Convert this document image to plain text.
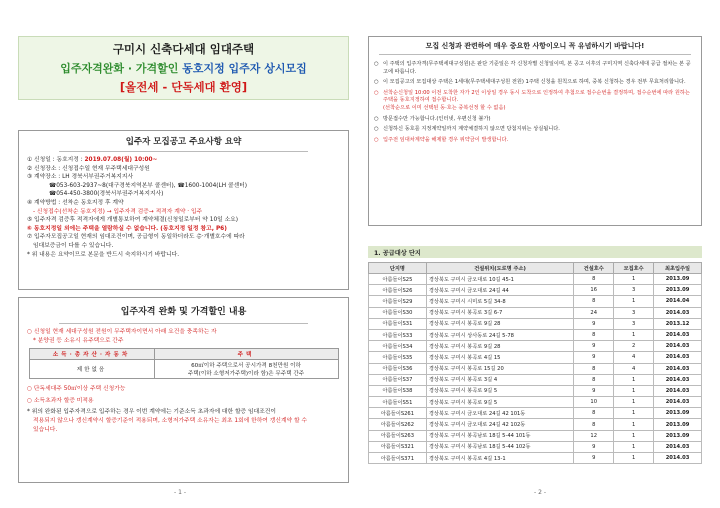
구미시 신축다세대 임대주택
입주자격완화 · 가격할인 동호지정 입주자 상시모집
[올전세 - 단독세대 환영]
입주자 모집공고 주요사항 요약
① 신청일 : 동호지정 : 2019.07.08(월) 10:00~
② 신청장소 : 신청접수일 현재 무주택세대구성원
③ 계약장소 : LH 경북서부권주거복지지사
☎053-603-2937~8(대구경북지역본부 콜센터), ☎1600-1004(LH 콜센터)
☎054-450-3800(경북서부권주거복지지사)
④ 계약방법 : 선착순 동호지정 후 계약
- 신청접수(선착순 동호지정) → 입주자격 검증→ 적격자 계약 · 입주
⑤ 입주자격 검증후 적격자에게 개별통보하여 계약체결(신청일로부터 약 10일 소요)
⑥ 동호지정일 외에는 주택을 열람하실 수 없습니다. (동호지정 일정 참고, P6)
⑦ 입주자모집공고일 현재의 임대조건이며, 공급형이 동일하더라도 층·개별호수에 따라
임대보증금이 다를 수 있습니다.
* 위 내용은 요약이므로 본문을 반드시 숙지하시기 바랍니다.
입주자격 완화 및 가격할인 내용
○ 신청일 현재 세대구성원 전원이 무주택자이면서 아래 요건을 충족하는 자
* 분양권 등 소유시 유주택으로 간주
소득·총자산·자동차	주택
제한없음	60㎡이하 주택으로서 공시가격 8천만원 이하
주택(이하 소형저가주택)이라 함)은 무주택 간주
○ 단독세대주 50㎡이상 주택 신청가능
○ 소득초과자 할증 미적용
* 위의 완화된 입주자격으로 입주하는 경우 이번 계약에는 기준소득 초과자에 대한 할증 임대조건이
적용되지 않으나 갱신계약시 할증기준이 적용되며, 소형저가주택 소유자는 최초 1회에 한하여 갱신계약 할 수
있습니다.
- 1 -
모집 신청과 관련하여 매우 중요한 사항이오니 꼭 유념하시기 바랍니다!
○ 이 주택의 입주자격(무주택세대구성원)은 판단 기준일은 각 신청자별 신청일이며, 본 공고 이후의 구미지역 신축다세대 공급 절차는 본 공고에 따릅니다.
○ 이 모집공고의 모집대상 주택은 1세대(무주택세대구성원 전원) 1주택 신청을 원칙으로 하며, 중복 신청하는 경우 전부 무효처리합니다.
○ 선착순신청일 10:00 이전 도착한 자가 2인 이상일 경우 동시 도착으로 인정하여 추첨으로 접수순번을 결정하며, 접수순번에 따라 원하는 주택을 동호지정하여 접수합니다.
(선착순으로 이미 선택된 동·호는 중복선정 할 수 없음)
○ 방문접수만 가능합니다.(인터넷, 우편신청 불가)
○ 신청하신 동호를 지정계약일까지 계약체결하지 않으면 당첨지위는 상실됩니다.
○ 입주전 임대차계약을 해제할 경우 위약금이 발생합니다.
1. 공급대상 단지
단지명	건설위치(도로명 주소)	건설호수	모집호수	최초입주일
아름들이S25	경상북도 구미시 금오대로 10길 45-1	8	1	2013.09
아름들이S26	경상북도 구미시 금오대로 24길 44	16	3	2013.09
아름들이S29	경상북도 구미시 시미로 5길 34-8	8	1	2014.04
아름들이S30	경상북도 구미시 봉곡로 3길 6-7	24	3	2014.03
아름들이S31	경상북도 구미시 봉곡로 9길 28	9	3	2013.12
아름들이S33	경상북도 구미시 상사동로 24길 5-78	8	1	2014.03
아름들이S34	경상북도 구미시 봉곡로 9길 28	9	2	2014.03
아름들이S35	경상북도 구미시 봉곡로 4길 15	9	4	2014.03
아름들이S36	경상북도 구미시 봉곡로 15길 20	8	4	2014.03
아름들이S37	경상북도 구미시 봉곡로 3길 4	8	1	2014.03
아름들이S38	경상북도 구미시 봉곡로 9길 5	9	1	2014.03
아름들이S51	경상북도 구미시 봉곡로 9길 5	10	1	2014.03
아름들이S261	경상북도 구미시 금오대로 24길 42 101동	8	1	2013.09
아름들이S262	경상북도 구미시 금오대로 24길 42 102동	8	1	2013.09
아름들이S263	경상북도 구미시 봉곡남로 18길 5-44 101동	12	1	2013.09
아름들이S321	경상북도 구미시 봉곡남로 18길 5-44 102동	9	1	2014.03
아름들이S371	경상북도 구미시 봉곡로 4길 13-1	9	1	2014.03
- 2 -
